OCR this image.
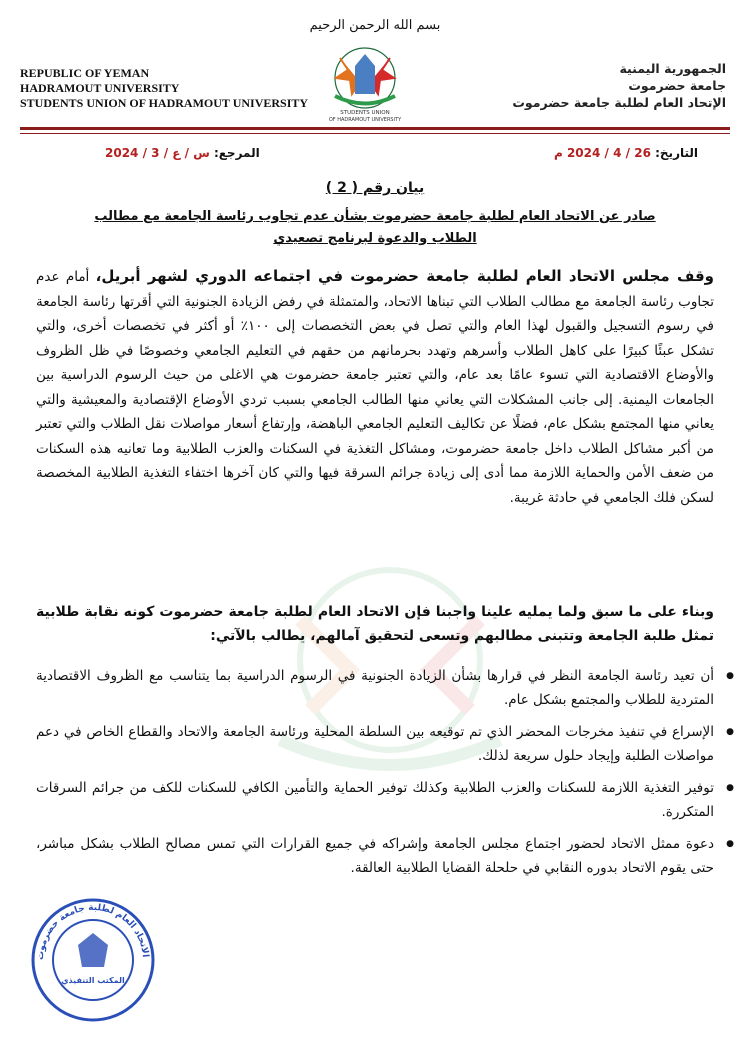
بسم الله الرحمن الرحيم
STUDENTS UNION
OF HADRAMOUT UNIVERSITY
REPUBLIC OF YEMAN
HADRAMOUT UNIVERSITY
STUDENTS UNION OF HADRAMOUT UNIVERSITY
الجمهورية اليمنية
جامعة حضرموت
الإتحاد العام لطلبة جامعة حضرموت
التاريخ: 26 / 4 / 2024 م
المرجع: س / ع / 3 / 2024
بيان رقم ( 2 )
صادر عن الاتحاد العام لطلبة جامعة حضرموت بشأن عدم تجاوب رئاسة الجامعة مع مطالب الطلاب والدعوة لبرنامج تصعيدي
وقف مجلس الاتحاد العام لطلبة جامعة حضرموت في اجتماعه الدوري لشهر أبريل، أمام عدم تجاوب رئاسة الجامعة مع مطالب الطلاب التي تبناها الاتحاد، والمتمثلة في رفض الزيادة الجنونية التي أقرتها رئاسة الجامعة في رسوم التسجيل والقبول لهذا العام والتي تصل في بعض التخصصات إلى ١٠٠٪ أو أكثر في تخصصات أخرى، والتي تشكل عبئًا كبيرًا على كاهل الطلاب وأسرهم وتهدد بحرمانهم من حقهم في التعليم الجامعي وخصوصًا في ظل الظروف والأوضاع الاقتصادية التي تسوء عامًا بعد عام، والتي تعتبر جامعة حضرموت هي الاغلى من حيث الرسوم الدراسية بين الجامعات اليمنية. إلى جانب المشكلات التي يعاني منها الطالب الجامعي بسبب تردي الأوضاع الإقتصادية والمعيشية والتي يعاني منها المجتمع بشكل عام، فضلًا عن تكاليف التعليم الجامعي الباهضة، وإرتفاع أسعار مواصلات نقل الطلاب والتي تعتبر من أكبر مشاكل الطلاب داخل جامعة حضرموت، ومشاكل التغذية في السكنات والعزب الطلابية وما تعانيه هذه السكنات من ضعف الأمن والحماية اللازمة مما أدى إلى زيادة جرائم السرقة فيها والتي كان آخرها اختفاء التغذية الطلابية المخصصة لسكن فلك الجامعي في حادثة غريبة.
وبناء على ما سبق ولما يمليه علينا واجبنا فإن الاتحاد العام لطلبة جامعة حضرموت كونه نقابة طلابية تمثل طلبة الجامعة وتتبنى مطالبهم وتسعى لتحقيق آمالهم، يطالب بالآتي:
● أن تعيد رئاسة الجامعة النظر في قرارها بشأن الزيادة الجنونية في الرسوم الدراسية بما يتناسب مع الظروف الاقتصادية المتردية للطلاب والمجتمع بشكل عام.
● الإسراع في تنفيذ مخرجات المحضر الذي تم توقيعه بين السلطة المحلية ورئاسة الجامعة والاتحاد والقطاع الخاص في دعم مواصلات الطلبة وإيجاد حلول سريعة لذلك.
● توفير التغذية اللازمة للسكنات والعزب الطلابية وكذلك توفير الحماية والتأمين الكافي للسكنات للكف من جرائم السرقات المتكررة.
● دعوة ممثل الاتحاد لحضور اجتماع مجلس الجامعة وإشراكه في جميع القرارات التي تمس مصالح الطلاب بشكل مباشر، حتى يقوم الاتحاد بدوره النقابي في حلحلة القضايا الطلابية العالقة.
الاتحاد العام لطلبة جامعة حضرموت
المكتب التنفيذي
